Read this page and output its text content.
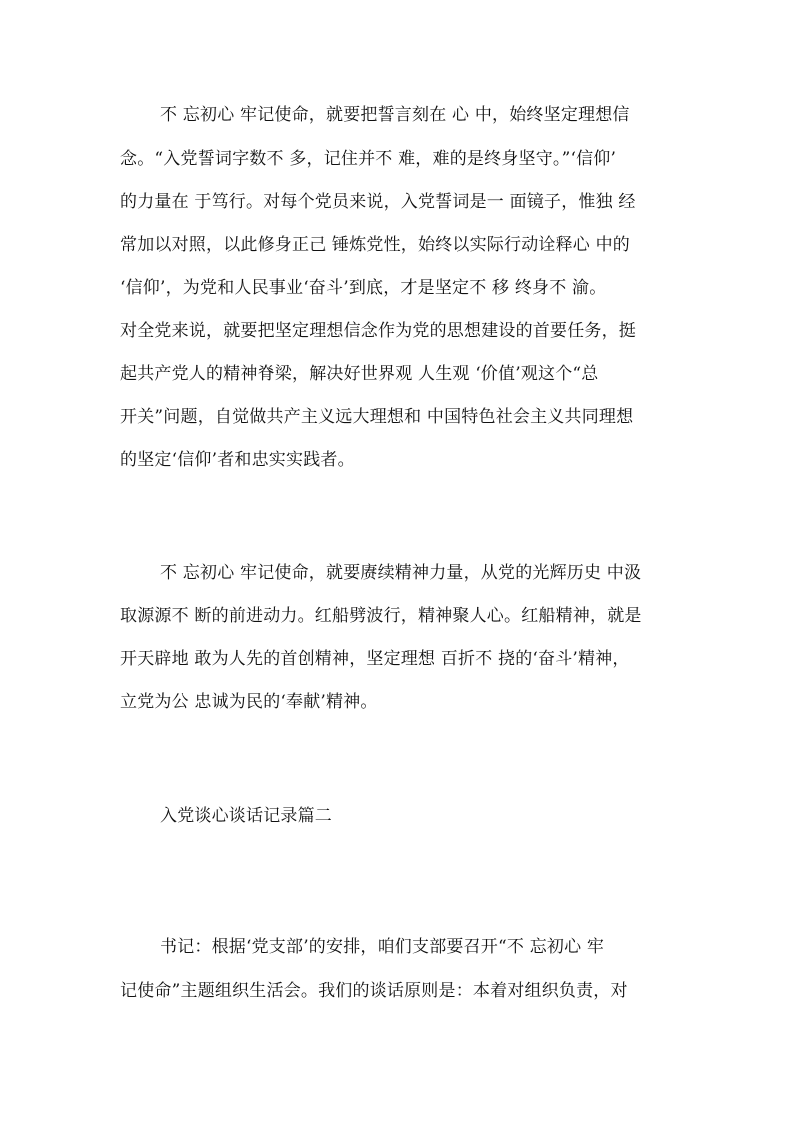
不 忘初心 牢记使命，就要把誓言刻在 心 中，始终坚定理想信
念。“入党誓词字数不 多，记住并不 难，难的是终身坚守。”‘信仰’
的力量在 于笃行。对每个党员来说，入党誓词是一 面镜子，惟独 经
常加以对照，以此修身正己 锤炼党性，始终以实际行动诠释心 中的
‘信仰’，为党和人民事业‘奋斗’到底，才是坚定不 移 终身不 渝。
对全党来说，就要把坚定理想信念作为党的思想建设的首要任务，挺
起共产党人的精神脊梁，解决好世界观 人生观 ‘价值’观这个“总
开关”问题，自觉做共产主义远大理想和 中国特色社会主义共同理想
的坚定‘信仰’者和忠实实践者。
不 忘初心 牢记使命，就要赓续精神力量，从党的光辉历史 中汲
取源源不 断的前进动力。红船劈波行，精神聚人心。红船精神，就是
开天辟地 敢为人先的首创精神，坚定理想 百折不 挠的‘奋斗’精神，
立党为公 忠诚为民的‘奉献’精神。
入党谈心谈话记录篇二
书记：根据‘党支部’的安排，咱们支部要召开“不 忘初心 牢
记使命”主题组织生活会。我们的谈话原则是：本着对组织负责，对
